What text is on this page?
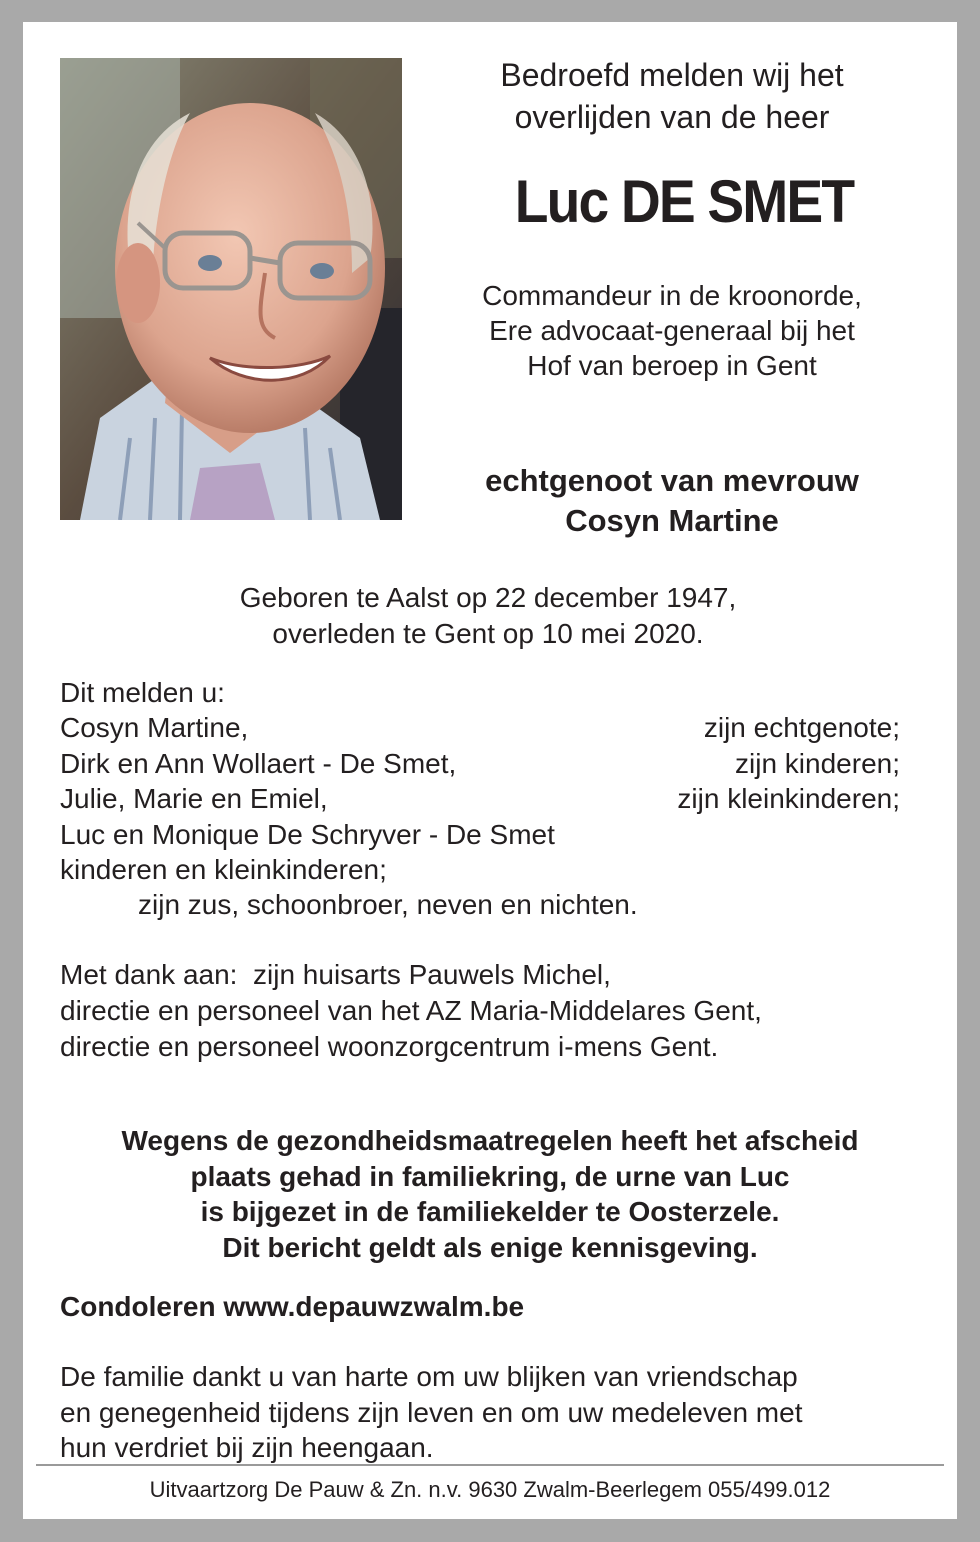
Bedroefd melden wij het
overlijden van de heer
Luc DE SMET
Commandeur in de kroonorde,
Ere advocaat-generaal bij het
Hof van beroep in Gent
echtgenoot van mevrouw
Cosyn Martine
Geboren te Aalst op 22 december 1947,
overleden te Gent op 10 mei 2020.
Dit melden u:
Cosyn Martine,	zijn echtgenote;
Dirk en Ann Wollaert - De Smet,	zijn kinderen;
Julie, Marie en Emiel,	zijn kleinkinderen;
Luc en Monique De Schryver - De Smet
kinderen en kleinkinderen;
zijn zus, schoonbroer, neven en nichten.
Met dank aan:  zijn huisarts Pauwels Michel,
directie en personeel van het AZ Maria-Middelares Gent,
directie en personeel woonzorgcentrum i-mens Gent.
Wegens de gezondheidsmaatregelen heeft het afscheid
plaats gehad in familiekring, de urne van Luc
is bijgezet in de familiekelder te Oosterzele.
Dit bericht geldt als enige kennisgeving.
Condoleren www.depauwzwalm.be
De familie dankt u van harte om uw blijken van vriendschap
en genegenheid tijdens zijn leven en om uw medeleven met
hun verdriet bij zijn heengaan.
Uitvaartzorg De Pauw & Zn. n.v. 9630 Zwalm-Beerlegem 055/499.012
